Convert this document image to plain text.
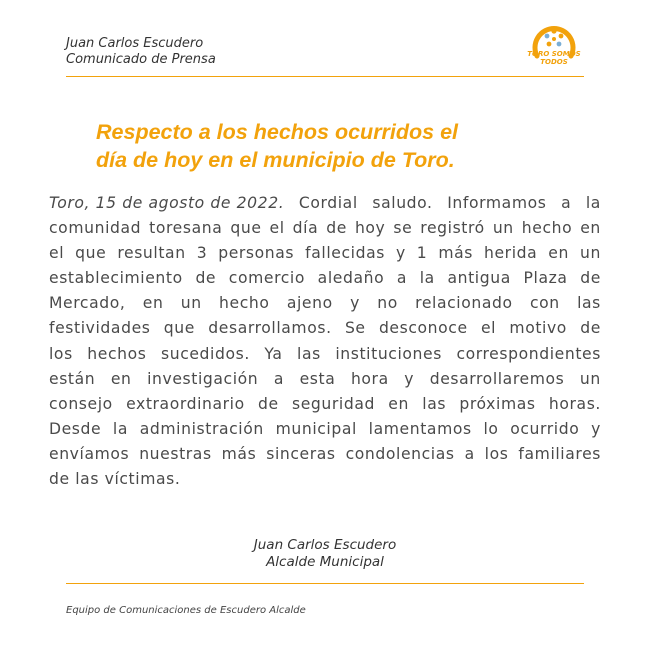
Juan Carlos Escudero
Comunicado de Prensa	TORO SOMOS
TODOS
Respecto a los hechos ocurridos el
día de hoy en el municipio de Toro.
Toro, 15 de agosto de 2022. Cordial saludo. Informamos a la
comunidad toresana que el día de hoy se registró un hecho en
el que resultan 3 personas fallecidas y 1 más herida en un
establecimiento de comercio aledaño a la antigua Plaza de
Mercado, en un hecho ajeno y no relacionado con las
festividades que desarrollamos. Se desconoce el motivo de
los hechos sucedidos. Ya las instituciones correspondientes
están en investigación a esta hora y desarrollaremos un
consejo extraordinario de seguridad en las próximas horas.
Desde la administración municipal lamentamos lo ocurrido y
envíamos nuestras más sinceras condolencias a los familiares
de las víctimas.
Juan Carlos Escudero
Alcalde Municipal
Equipo de Comunicaciones de Escudero Alcalde
